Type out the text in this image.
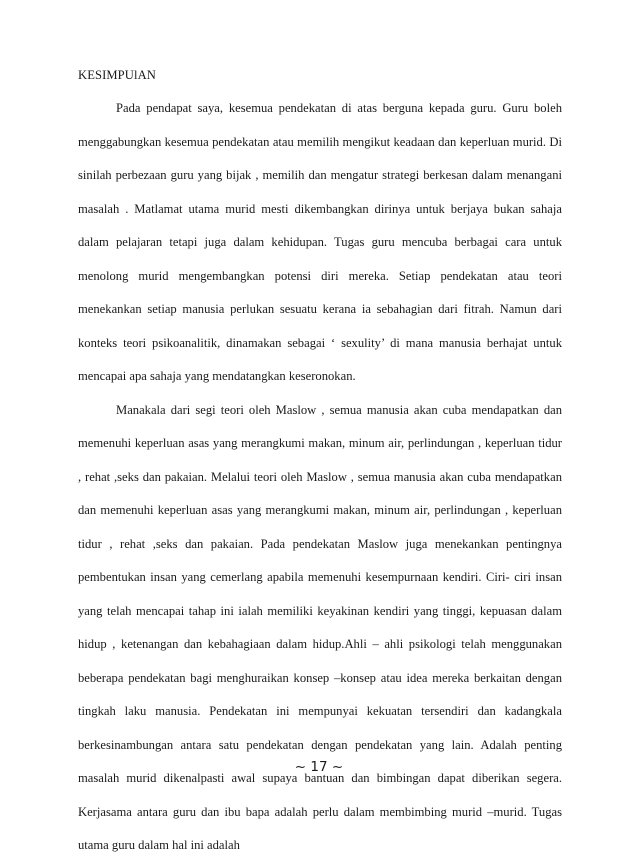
KESIMPUlAN

Pada pendapat saya, kesemua pendekatan di atas berguna kepada guru. Guru boleh menggabungkan kesemua pendekatan atau memilih mengikut keadaan dan keperluan murid. Di sinilah perbezaan guru yang bijak , memilih dan mengatur strategi berkesan dalam menangani masalah . Matlamat utama murid mesti dikembangkan dirinya untuk berjaya bukan sahaja dalam pelajaran tetapi juga dalam kehidupan. Tugas guru mencuba berbagai cara untuk menolong murid mengembangkan potensi diri mereka. Setiap pendekatan atau teori menekankan setiap manusia perlukan sesuatu kerana ia sebahagian dari fitrah. Namun dari konteks teori psikoanalitik, dinamakan sebagai ‘ sexulity’ di mana manusia berhajat untuk mencapai apa sahaja yang mendatangkan keseronokan.

Manakala dari segi teori oleh Maslow , semua manusia akan cuba mendapatkan dan memenuhi keperluan asas yang merangkumi makan, minum air, perlindungan , keperluan tidur , rehat ,seks dan pakaian. Melalui teori oleh Maslow , semua manusia akan cuba mendapatkan dan memenuhi keperluan asas yang merangkumi makan, minum air, perlindungan , keperluan tidur , rehat ,seks dan pakaian. Pada pendekatan Maslow juga menekankan pentingnya pembentukan insan yang cemerlang apabila memenuhi kesempurnaan kendiri. Ciri- ciri insan yang telah mencapai tahap ini ialah memiliki keyakinan kendiri yang tinggi, kepuasan dalam hidup , ketenangan dan kebahagiaan dalam hidup.Ahli – ahli psikologi telah menggunakan beberapa pendekatan bagi menghuraikan konsep –konsep atau idea mereka berkaitan dengan tingkah laku manusia. Pendekatan ini mempunyai kekuatan tersendiri dan kadangkala berkesinambungan antara satu pendekatan dengan pendekatan yang lain. Adalah penting masalah murid dikenalpasti awal supaya bantuan dan bimbingan dapat diberikan segera. Kerjasama antara guru dan ibu bapa adalah perlu dalam membimbing murid –murid. Tugas utama guru dalam hal ini adalah

~ 17 ~
